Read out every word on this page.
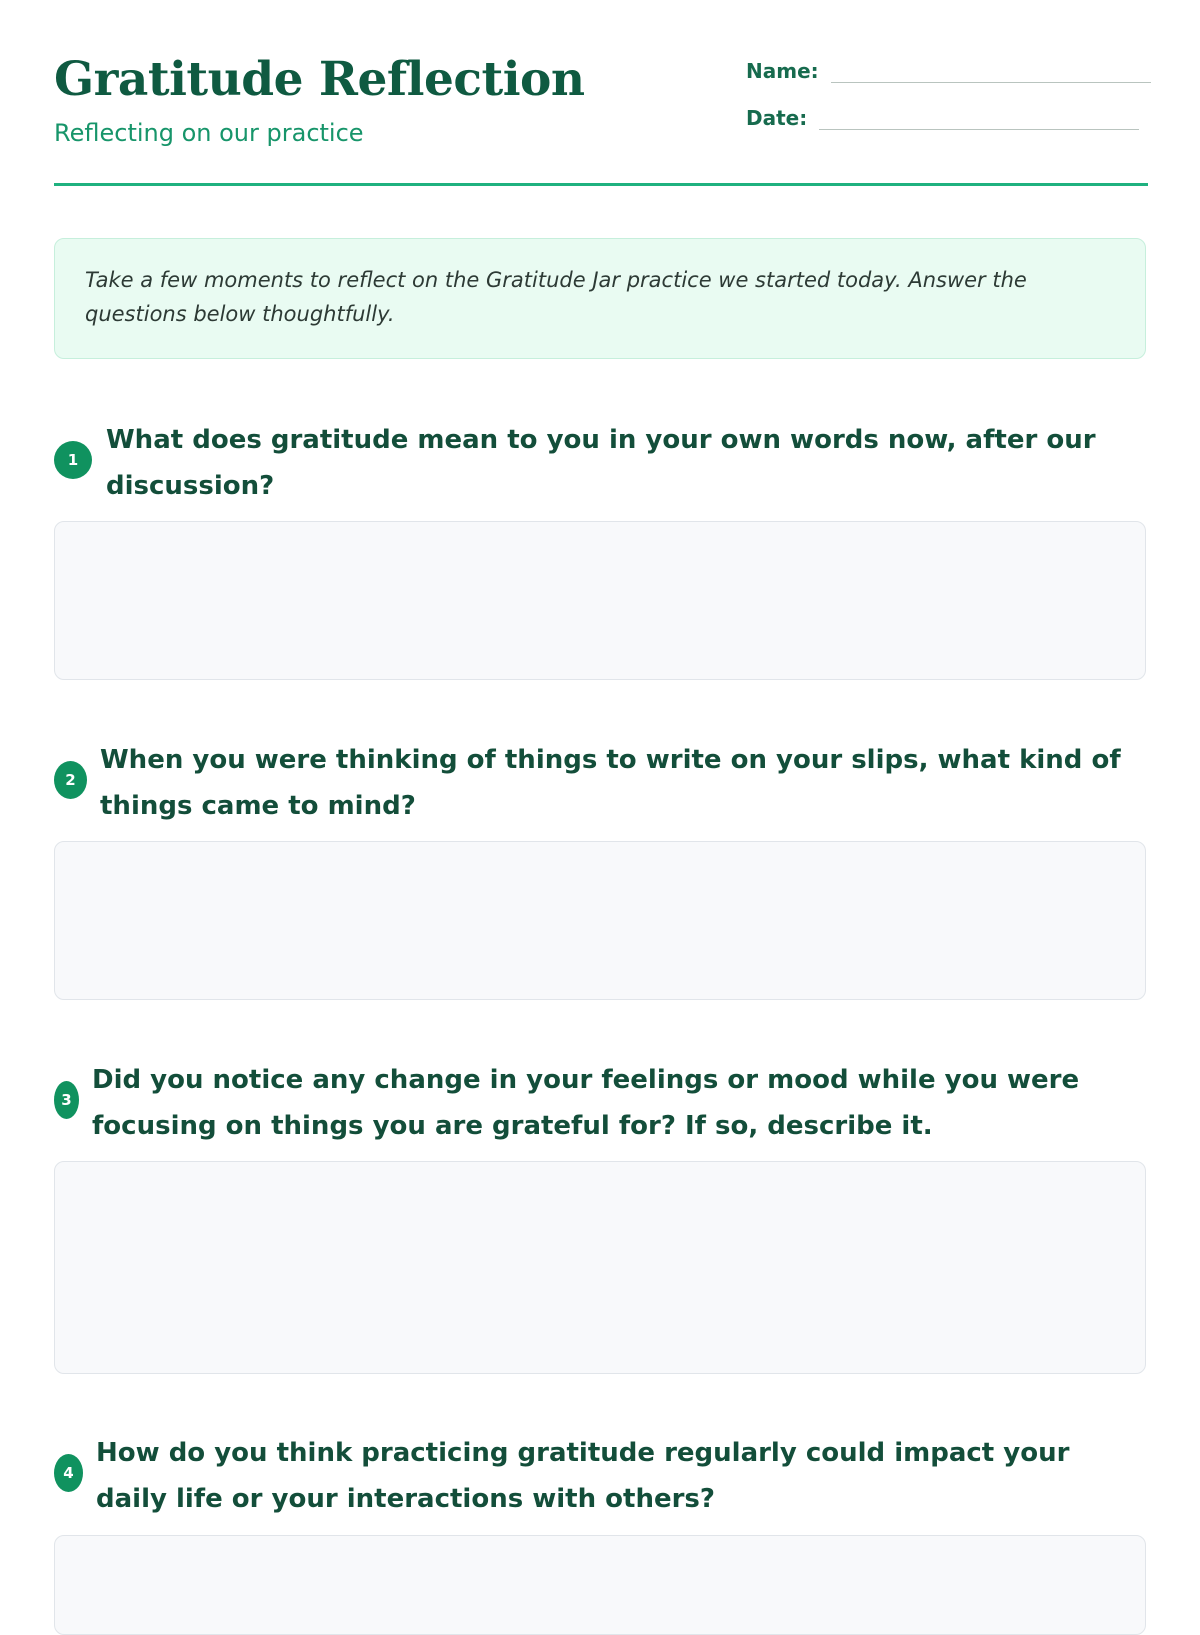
Gratitude Reflection
Reflecting on our practice
Name:
Date:
Take a few moments to reflect on the Gratitude Jar practice we started today. Answer the questions below thoughtfully.
1
What does gratitude mean to you in your own words now, after our discussion?
2
When you were thinking of things to write on your slips, what kind of things came to mind?
3
Did you notice any change in your feelings or mood while you were focusing on things you are grateful for? If so, describe it.
4
How do you think practicing gratitude regularly could impact your daily life or your interactions with others?
